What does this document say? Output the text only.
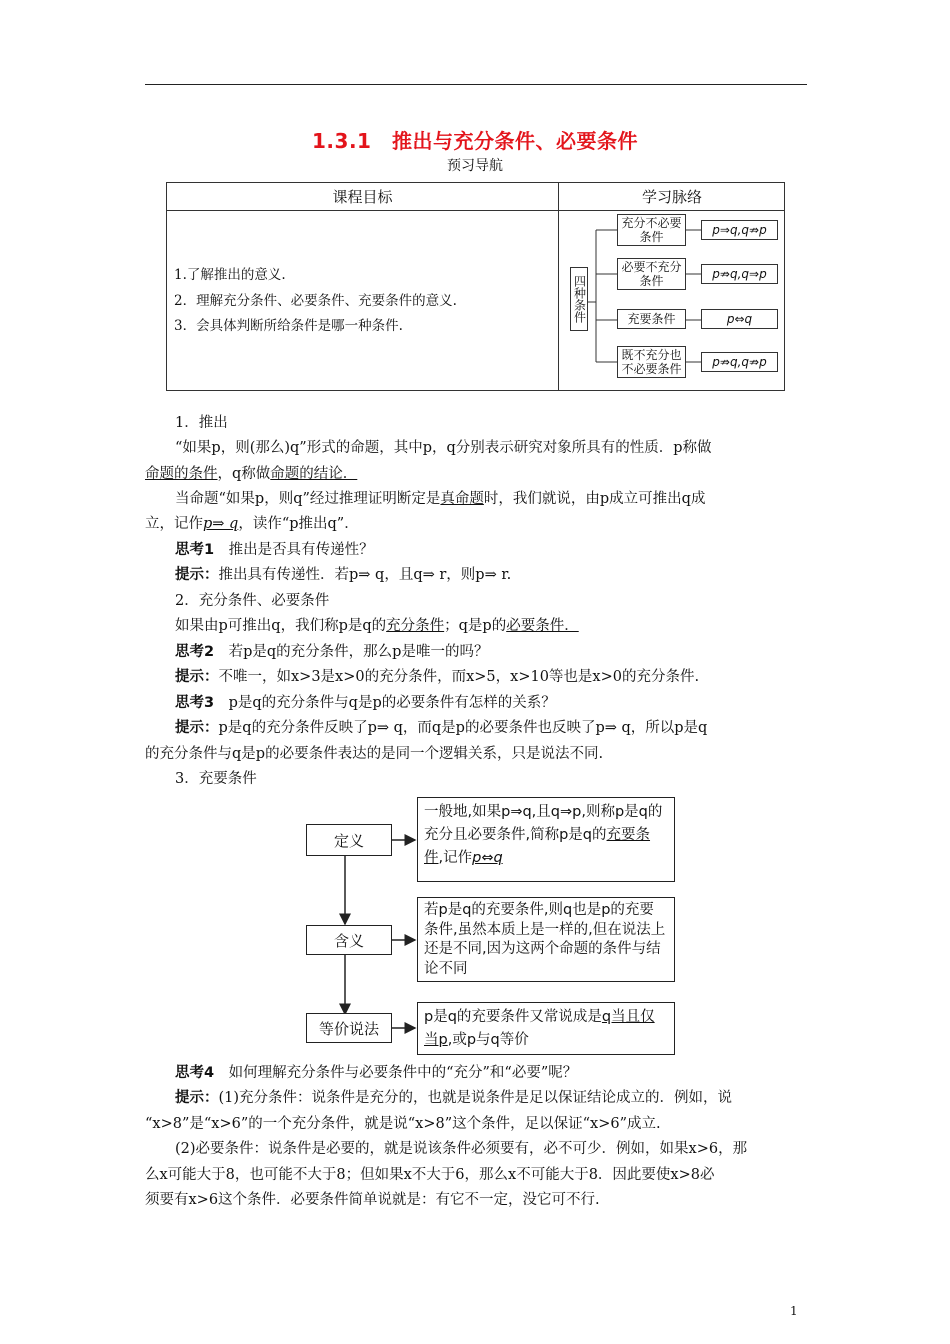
1.3.1　推出与充分条件、必要条件
预习导航
课程目标	学习脉络
1.了解推出的意义.
2．理解充分条件、必要条件、充要条件的意义.
3．会具体判断所给条件是哪一种条件.
四种条件
充分不必要条件	p⇒q,q⇏p
必要不充分条件	p⇏q,q⇒p
充要条件	p⇔q
既不充分也不必要条件	p⇏q,q⇏p
1．推出
“如果p，则(那么)q”形式的命题，其中p，q分别表示研究对象所具有的性质．p称做
命题的条件，q称做命题的结论．
当命题“如果p，则q”经过推理证明断定是真命题时，我们就说，由p成立可推出q成
立，记作p⇒ q，读作“p推出q”．
思考1　推出是否具有传递性？
提示：推出具有传递性．若p⇒ q，且q⇒ r，则p⇒ r.
2．充分条件、必要条件
如果由p可推出q，我们称p是q的充分条件；q是p的必要条件．
思考2　若p是q的充分条件，那么p是唯一的吗？
提示：不唯一，如x>3是x>0的充分条件，而x>5，x>10等也是x>0的充分条件.
思考3　p是q的充分条件与q是p的必要条件有怎样的关系？
提示：p是q的充分条件反映了p⇒ q，而q是p的必要条件也反映了p⇒ q，所以p是q
的充分条件与q是p的必要条件表达的是同一个逻辑关系，只是说法不同.
3．充要条件
定义
含义
等价说法
一般地,如果p⇒q,且q⇒p,则称p是q的充分且必要条件,简称p是q的充要条件,记作p⇔q
若p是q的充要条件,则q也是p的充要条件,虽然本质上是一样的,但在说法上还是不同,因为这两个命题的条件与结论不同
p是q的充要条件又常说成是q当且仅当p,或p与q等价
思考4　如何理解充分条件与必要条件中的“充分”和“必要”呢？
提示：(1)充分条件：说条件是充分的，也就是说条件是足以保证结论成立的．例如，说
“x>8”是“x>6”的一个充分条件，就是说“x>8”这个条件，足以保证“x>6”成立.
(2)必要条件：说条件是必要的，就是说该条件必须要有，必不可少．例如，如果x>6，那
么x可能大于8，也可能不大于8；但如果x不大于6，那么x不可能大于8．因此要使x>8必
须要有x>6这个条件．必要条件简单说就是：有它不一定，没它可不行.
1
